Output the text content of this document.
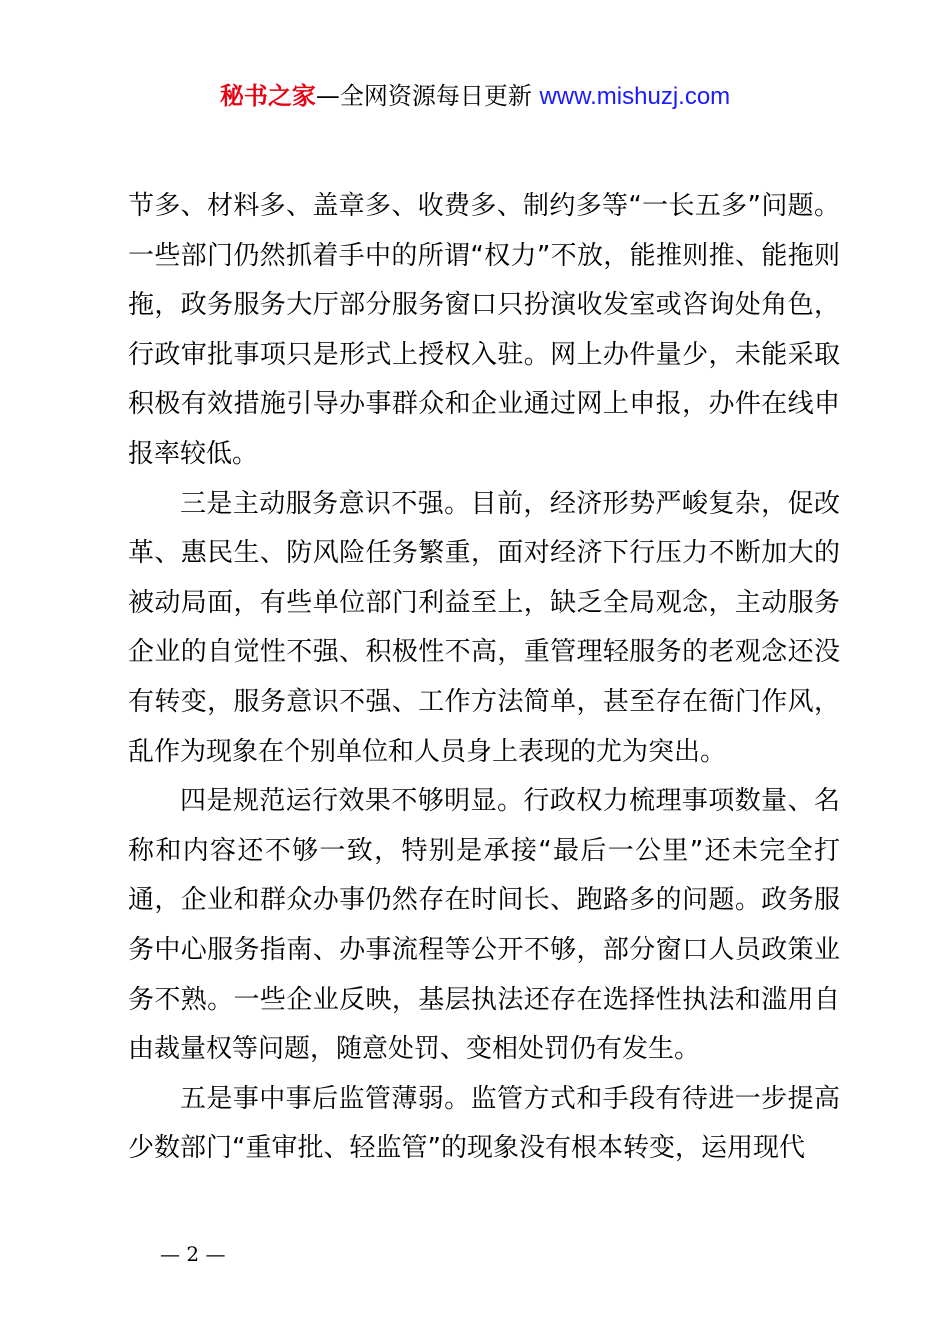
秘书之家—全网资源每日更新 www.mishuzj.com

节多、材料多、盖章多、收费多、制约多等“一长五多”问题。一些部门仍然抓着手中的所谓“权力”不放，能推则推、能拖则拖，政务服务大厅部分服务窗口只扮演收发室或咨询处角色，行政审批事项只是形式上授权入驻。网上办件量少，未能采取积极有效措施引导办事群众和企业通过网上申报，办件在线申报率较低。

三是主动服务意识不强。目前，经济形势严峻复杂，促改革、惠民生、防风险任务繁重，面对经济下行压力不断加大的被动局面，有些单位部门利益至上，缺乏全局观念，主动服务企业的自觉性不强、积极性不高，重管理轻服务的老观念还没有转变，服务意识不强、工作方法简单，甚至存在衙门作风，乱作为现象在个别单位和人员身上表现的尤为突出。

四是规范运行效果不够明显。行政权力梳理事项数量、名称和内容还不够一致，特别是承接“最后一公里”还未完全打通，企业和群众办事仍然存在时间长、跑路多的问题。政务服务中心服务指南、办事流程等公开不够，部分窗口人员政策业务不熟。一些企业反映，基层执法还存在选择性执法和滥用自由裁量权等问题，随意处罚、变相处罚仍有发生。

五是事中事后监管薄弱。监管方式和手段有待进一步提高少数部门“重审批、轻监管”的现象没有根本转变，运用现代

— 2 —
